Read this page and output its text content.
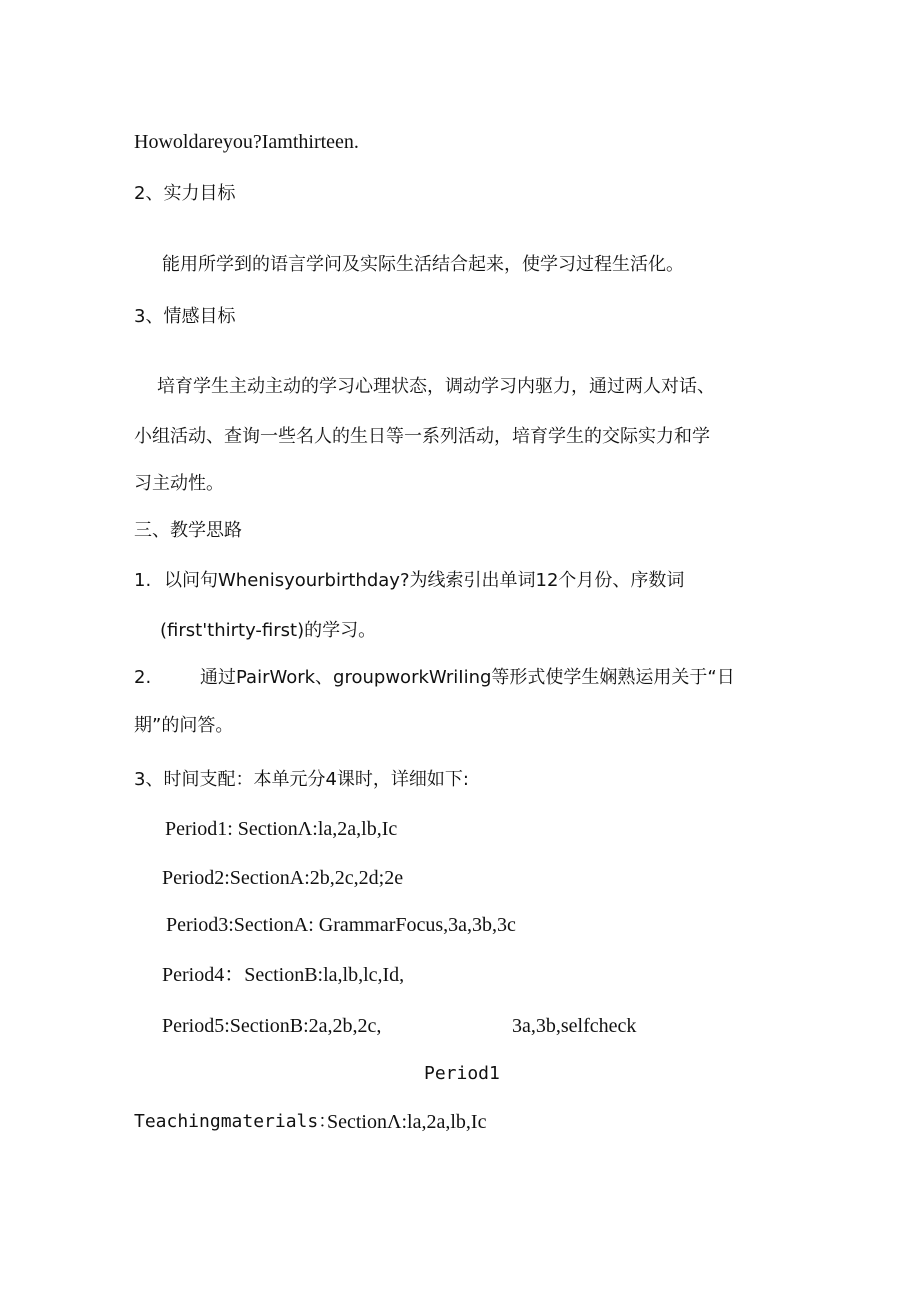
Howoldareyou?Iamthirteen.
2、实力目标
能用所学到的语言学问及实际生活结合起来，使学习过程生活化。
3、情感目标
培育学生主动主动的学习心理状态，调动学习内驱力，通过两人对话、
小组活动、查询一些名人的生日等一系列活动，培育学生的交际实力和学
习主动性。
三、教学思路
1. 以问句Whenisyourbirthday?为线索引出单词12个月份、序数词
(first'thirty-first)的学习。
2.	通过PairWork、groupworkWriIing等形式使学生娴熟运用关于“日
期”的问答。
3、时间支配：本单元分4课时，详细如下:
Period1: SectionΛ:la,2a,lb,Ic
Period2:SectionA:2b,2c,2d;2e
Period3:SectionA: GrammarFocus,3a,3b,3c
Period4：SectionB:la,lb,lc,Id,
Period5:SectionB:2a,2b,2c,	3a,3b,selfcheck
Period1
Teachingmaterials：
SectionΛ:la,2a,lb,Ic
